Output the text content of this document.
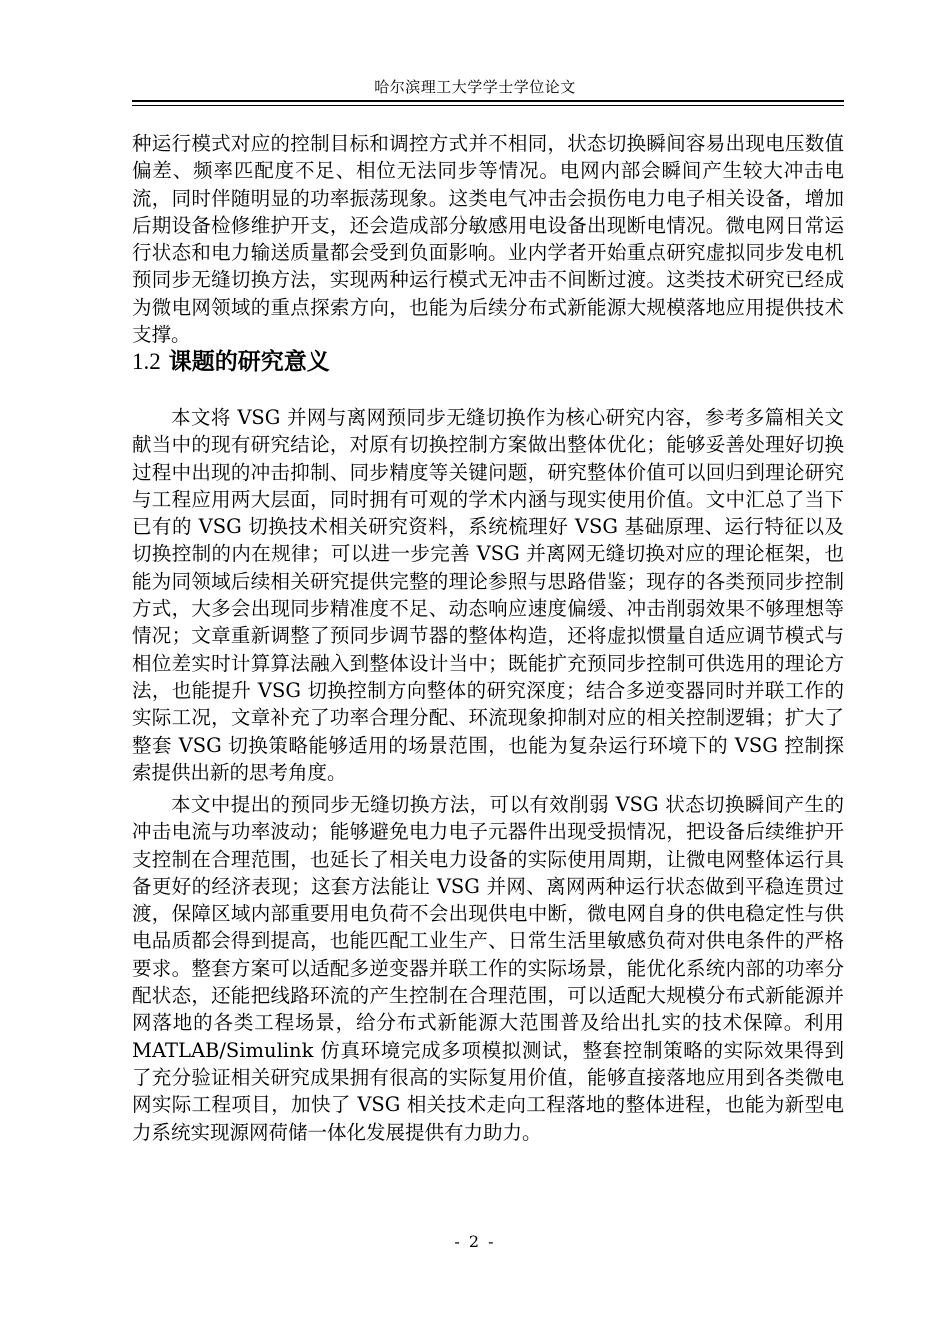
哈尔滨理工大学学士学位论文

种运行模式对应的控制目标和调控方式并不相同，状态切换瞬间容易出现电压数值偏差、频率匹配度不足、相位无法同步等情况。电网内部会瞬间产生较大冲击电流，同时伴随明显的功率振荡现象。这类电气冲击会损伤电力电子相关设备，增加后期设备检修维护开支，还会造成部分敏感用电设备出现断电情况。微电网日常运行状态和电力输送质量都会受到负面影响。业内学者开始重点研究虚拟同步发电机预同步无缝切换方法，实现两种运行模式无冲击不间断过渡。这类技术研究已经成为微电网领域的重点探索方向，也能为后续分布式新能源大规模落地应用提供技术支撑。

1.2 课题的研究意义

本文将 VSG 并网与离网预同步无缝切换作为核心研究内容，参考多篇相关文献当中的现有研究结论，对原有切换控制方案做出整体优化；能够妥善处理好切换过程中出现的冲击抑制、同步精度等关键问题，研究整体价值可以回归到理论研究与工程应用两大层面，同时拥有可观的学术内涵与现实使用价值。文中汇总了当下已有的 VSG 切换技术相关研究资料，系统梳理好 VSG 基础原理、运行特征以及切换控制的内在规律；可以进一步完善 VSG 并离网无缝切换对应的理论框架，也能为同领域后续相关研究提供完整的理论参照与思路借鉴；现存的各类预同步控制方式，大多会出现同步精准度不足、动态响应速度偏缓、冲击削弱效果不够理想等情况；文章重新调整了预同步调节器的整体构造，还将虚拟惯量自适应调节模式与相位差实时计算算法融入到整体设计当中；既能扩充预同步控制可供选用的理论方法，也能提升 VSG 切换控制方向整体的研究深度；结合多逆变器同时并联工作的实际工况，文章补充了功率合理分配、环流现象抑制对应的相关控制逻辑；扩大了整套 VSG 切换策略能够适用的场景范围，也能为复杂运行环境下的 VSG 控制探索提供出新的思考角度。

本文中提出的预同步无缝切换方法，可以有效削弱 VSG 状态切换瞬间产生的冲击电流与功率波动；能够避免电力电子元器件出现受损情况，把设备后续维护开支控制在合理范围，也延长了相关电力设备的实际使用周期，让微电网整体运行具备更好的经济表现；这套方法能让 VSG 并网、离网两种运行状态做到平稳连贯过渡，保障区域内部重要用电负荷不会出现供电中断，微电网自身的供电稳定性与供电品质都会得到提高，也能匹配工业生产、日常生活里敏感负荷对供电条件的严格要求。整套方案可以适配多逆变器并联工作的实际场景，能优化系统内部的功率分配状态，还能把线路环流的产生控制在合理范围，可以适配大规模分布式新能源并网落地的各类工程场景，给分布式新能源大范围普及给出扎实的技术保障。利用 MATLAB/Simulink 仿真环境完成多项模拟测试，整套控制策略的实际效果得到了充分验证相关研究成果拥有很高的实际复用价值，能够直接落地应用到各类微电网实际工程项目，加快了 VSG 相关技术走向工程落地的整体进程，也能为新型电力系统实现源网荷储一体化发展提供有力助力。

- 2 -
